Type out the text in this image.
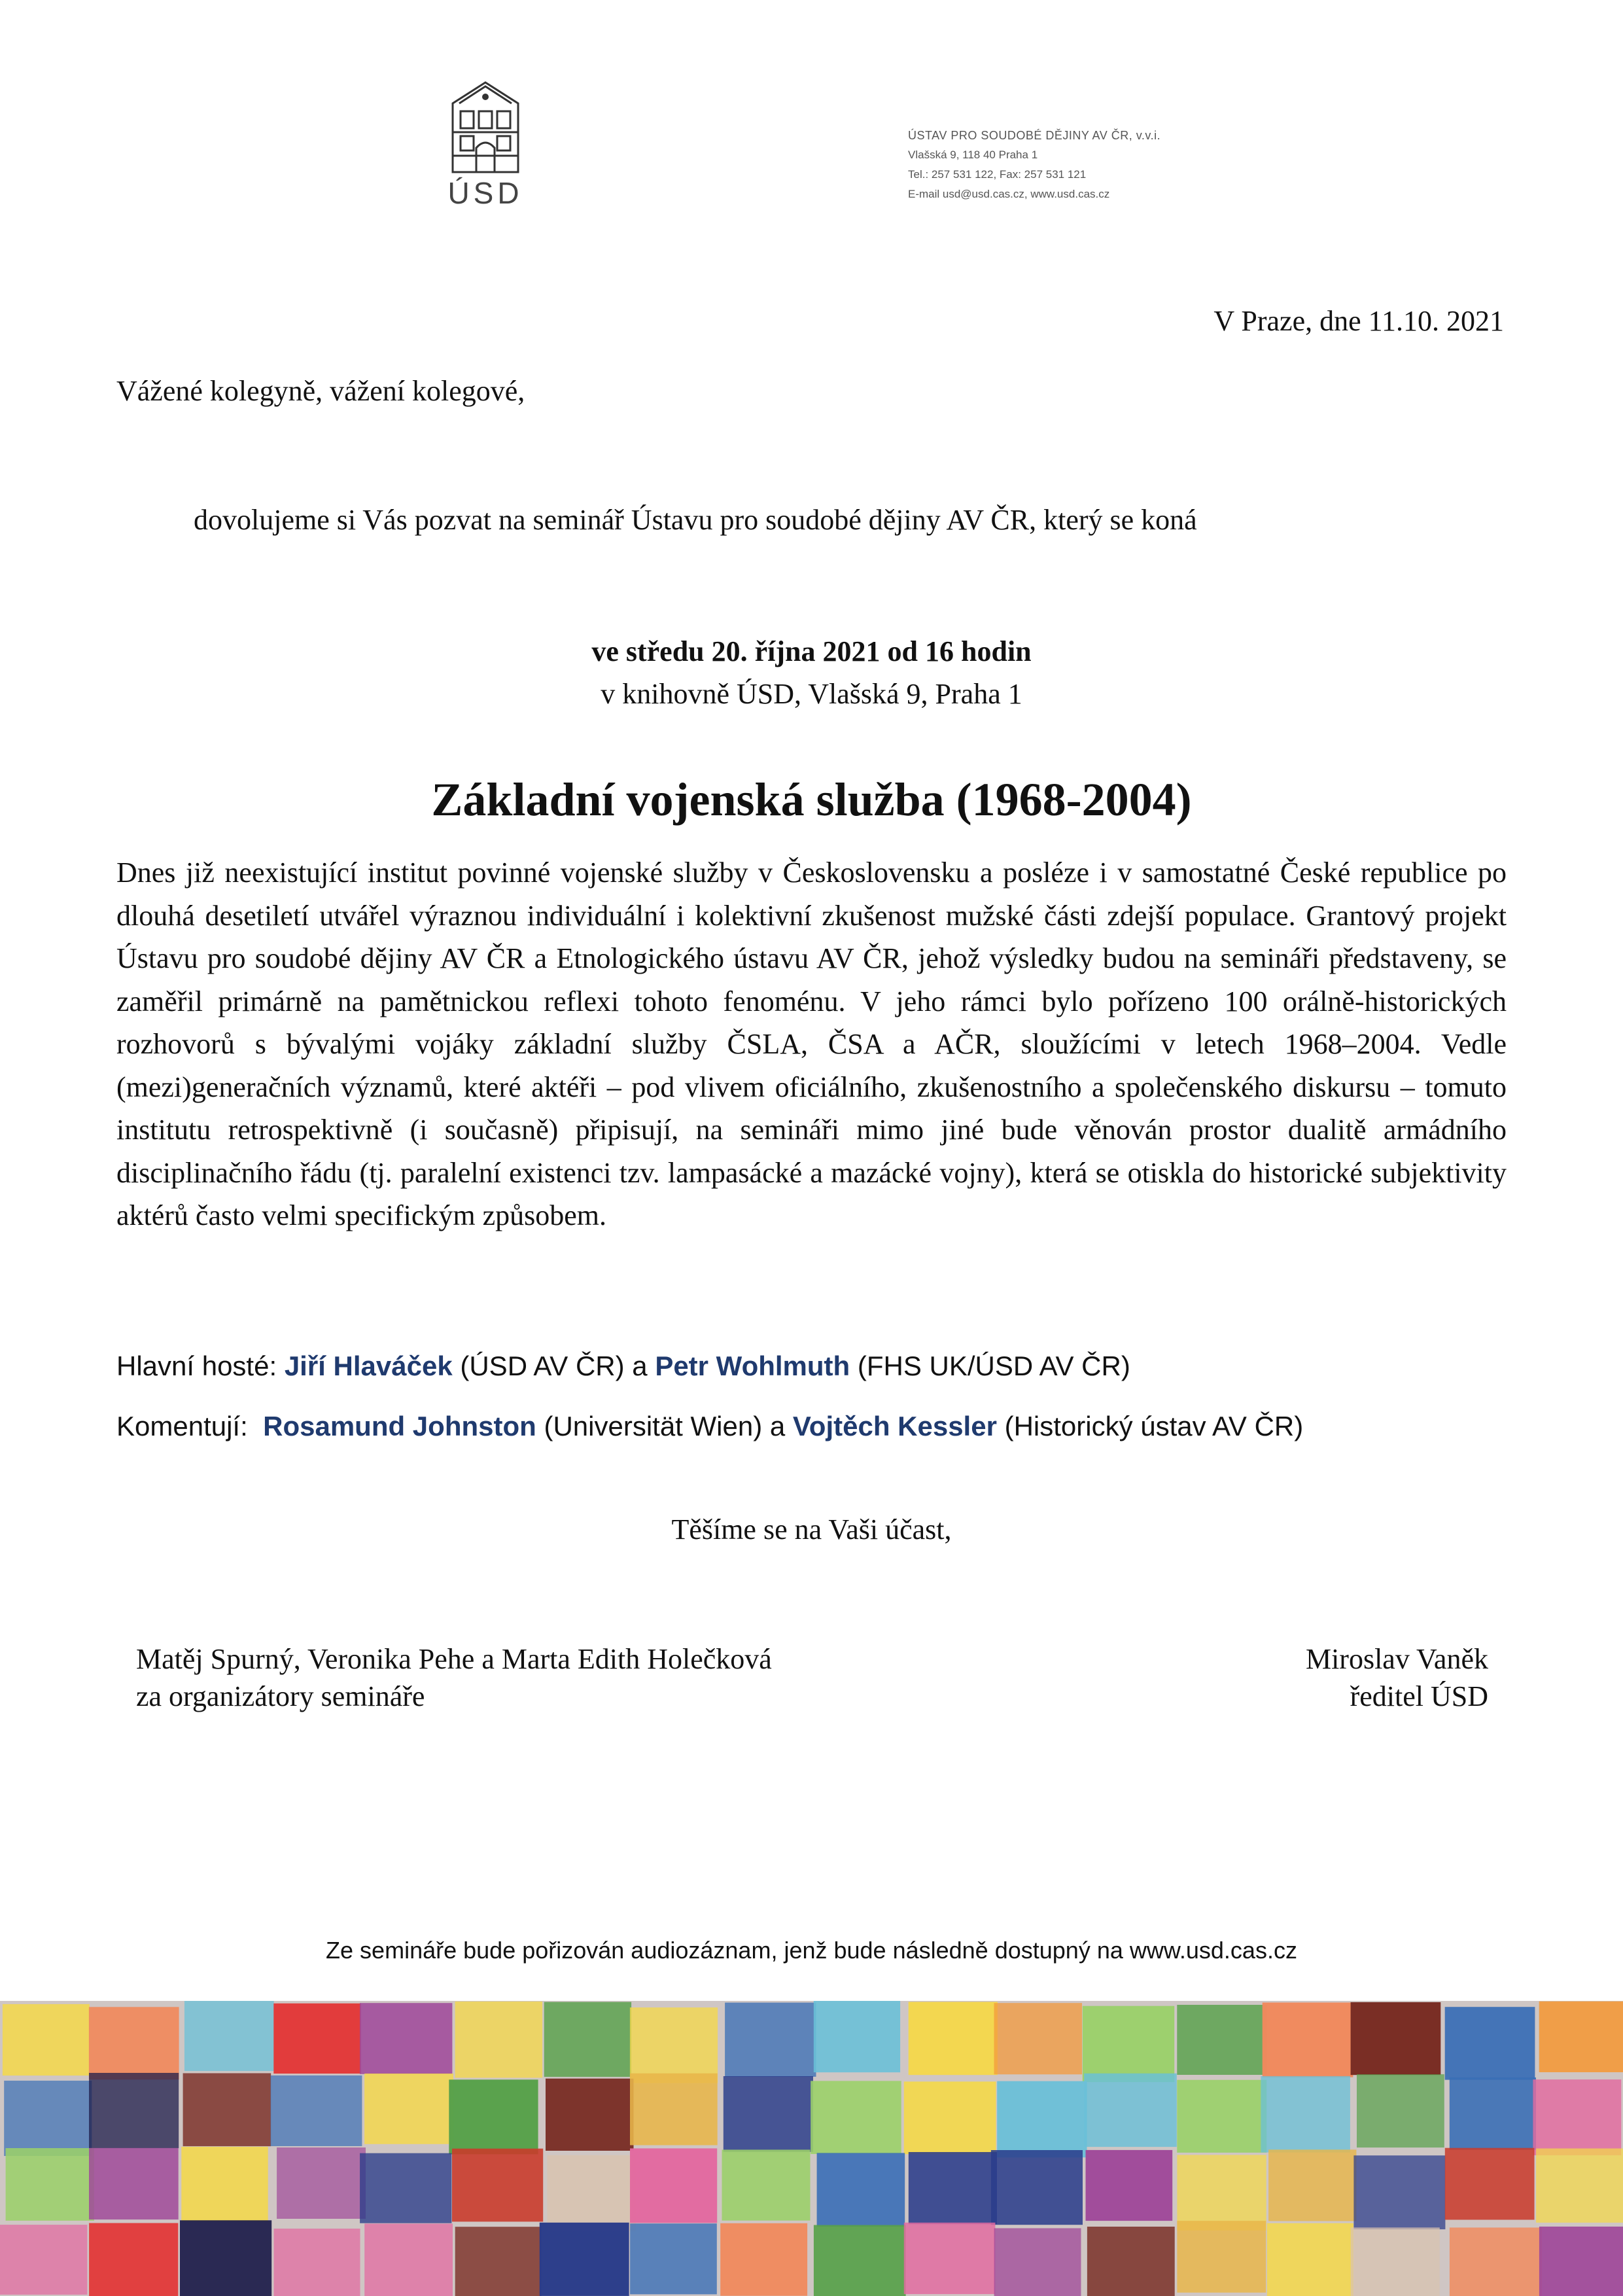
ÚSD
ÚSTAV PRO SOUDOBÉ DĚJINY AV ČR, v.v.i.
Vlašská 9, 118 40 Praha 1
Tel.: 257 531 122, Fax: 257 531 121
E-mail usd@usd.cas.cz, www.usd.cas.cz
V Praze, dne 11.10. 2021
Vážené kolegyně, vážení kolegové,
dovolujeme si Vás pozvat na seminář Ústavu pro soudobé dějiny AV ČR, který se koná
ve středu 20. října 2021 od 16 hodin
v knihovně ÚSD, Vlašská 9, Praha 1
Základní vojenská služba (1968-2004)
Dnes již neexistující institut povinné vojenské služby v Československu a posléze i v samostatné České republice po dlouhá desetiletí utvářel výraznou individuální i kolektivní zkušenost mužské části zdejší populace. Grantový projekt Ústavu pro soudobé dějiny AV ČR a Etnologického ústavu AV ČR, jehož výsledky budou na semináři představeny, se zaměřil primárně na pamětnickou reflexi tohoto fenoménu. V jeho rámci bylo pořízeno 100 orálně-historických rozhovorů s bývalými vojáky základní služby ČSLA, ČSA a AČR, sloužícími v letech 1968–2004. Vedle (mezi)generačních významů, které aktéři – pod vlivem oficiálního, zkušenostního a společenského diskursu – tomuto institutu retrospektivně (i současně) připisují, na semináři mimo jiné bude věnován prostor dualitě armádního disciplinačního řádu (tj. paralelní existenci tzv. lampasácké a mazácké vojny), která se otiskla do historické subjektivity aktérů často velmi specifickým způsobem.
Hlavní hosté: Jiří Hlaváček (ÚSD AV ČR) a Petr Wohlmuth (FHS UK/ÚSD AV ČR)
Komentují: Rosamund Johnston (Universität Wien) a Vojtěch Kessler (Historický ústav AV ČR)
Těšíme se na Vaši účast,
Matěj Spurný, Veronika Pehe a Marta Edith Holečková
za organizátory semináře
Miroslav Vaněk
ředitel ÚSD
Ze semináře bude pořizován audiozáznam, jenž bude následně dostupný na www.usd.cas.cz
